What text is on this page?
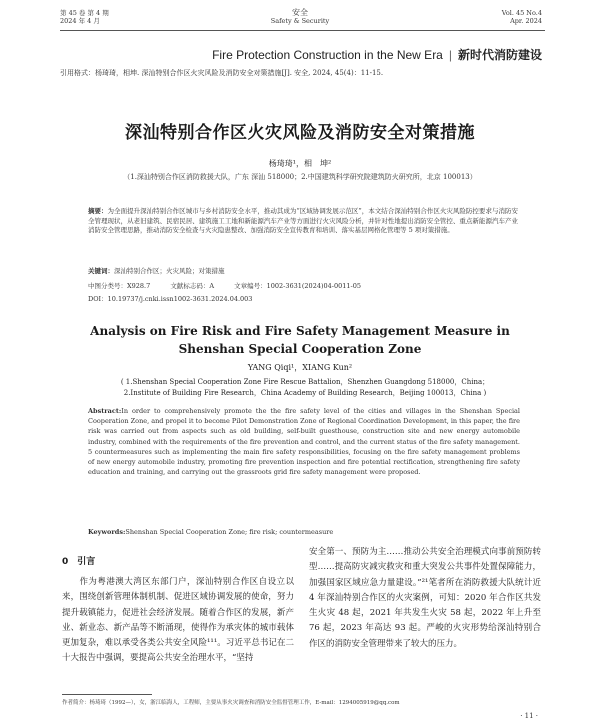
第 45 卷 第 4 期
2024 年 4 月
安全
Safety & Security
Vol. 45 No.4
Apr. 2024
Fire Protection Construction in the New Era | 新时代消防建设
引用格式：杨琦琦，相坤. 深汕特别合作区火灾风险及消防安全对策措施[J]. 安全, 2024, 45(4)：11-15.
深汕特别合作区火灾风险及消防安全对策措施
杨琦琦¹，相　坤²
（1.深汕特别合作区消防救援大队，广东 深汕 518000；2.中国建筑科学研究院建筑防火研究所，北京 100013）
摘要：为全面提升深汕特别合作区城市与乡村消防安全水平，推动其成为“区域协调发展示范区”，本文结合深汕特别合作区火灾风险防控要求与消防安全管理现状，从老旧建筑、民宿民居、建筑施工工地和新能源汽车产业等方面进行火灾风险分析，并针对性地提出消防安全管控、重点新能源汽车产业消防安全管理思路，推动消防安全检查与火灾隐患整改、加强消防安全宣传教育和培训、落实基层网格化管理等 5 项对策措施。
关键词：深汕特别合作区；火灾风险；对策措施
中图分类号：X928.7	文献标志码：A	文章编号：1002-3631(2024)04-0011-05
DOI：10.19737/j.cnki.issn1002-3631.2024.04.003
Analysis on Fire Risk and Fire Safety Management Measure in
Shenshan Special Cooperation Zone
YANG Qiqi¹，XIANG Kun²
( 1.Shenshan Special Cooperation Zone Fire Rescue Battalion，Shenzhen Guangdong 518000，China；
2.Institute of Building Fire Research，China Academy of Building Research，Beijing 100013，China )
Abstract:In order to comprehensively promote the the fire safety level of the cities and villages in the Shenshan Special Cooperation Zone, and propel it to become Pilot Demonstration Zone of Regional Coordination Development, in this paper, the fire risk was carried out from aspects such as old building, self-built guesthouse, construction site and new energy automobile industry, combined with the requirements of the fire prevention and control, and the current status of the fire safety management. 5 countermeasures such as implementing the main fire safety responsibilities, focusing on the fire safety management problems of new energy automobile industry, promoting fire prevention inspection and fire potential rectification, strengthening fire safety education and training, and carrying out the grassroots grid fire safety management were proposed.
Keywords:Shenshan Special Cooperation Zone; fire risk; countermeasure
0　引言
作为粤港澳大湾区东部门户，深汕特别合作区自设立以来，围绕创新管理体制机制、促进区域协调发展的使命，努力提升载镇能力，促进社会经济发展。随着合作区的发展，新产业、新业态、新产品等不断涌现，使得作为承灾体的城市载体更加复杂，难以承受各类公共安全风险¹¹¹。习近平总书记在二十大报告中强调，要提高公共安全治理水平，“坚持
安全第一、预防为主……推动公共安全治理模式向事前预防转型……提高防灾减灾救灾和重大突发公共事件处置保障能力，加强国家区域应急力量建设。”²¹笔者所在消防救援大队统计近 4 年深汕特别合作区的火灾案例，可知：2020 年合作区共发生火灾 48 起，2021 年共发生火灾 58 起，2022 年上升至 76 起，2023 年高达 93 起。严峻的火灾形势给深汕特别合作区的消防安全管理带来了较大的压力。
作者简介：杨琦琦（1992—），女，浙江临海人，工程师，主要从事火灾调查和消防安全监督管理工作，E-mail：1294005919@qq.com
· 11 ·
